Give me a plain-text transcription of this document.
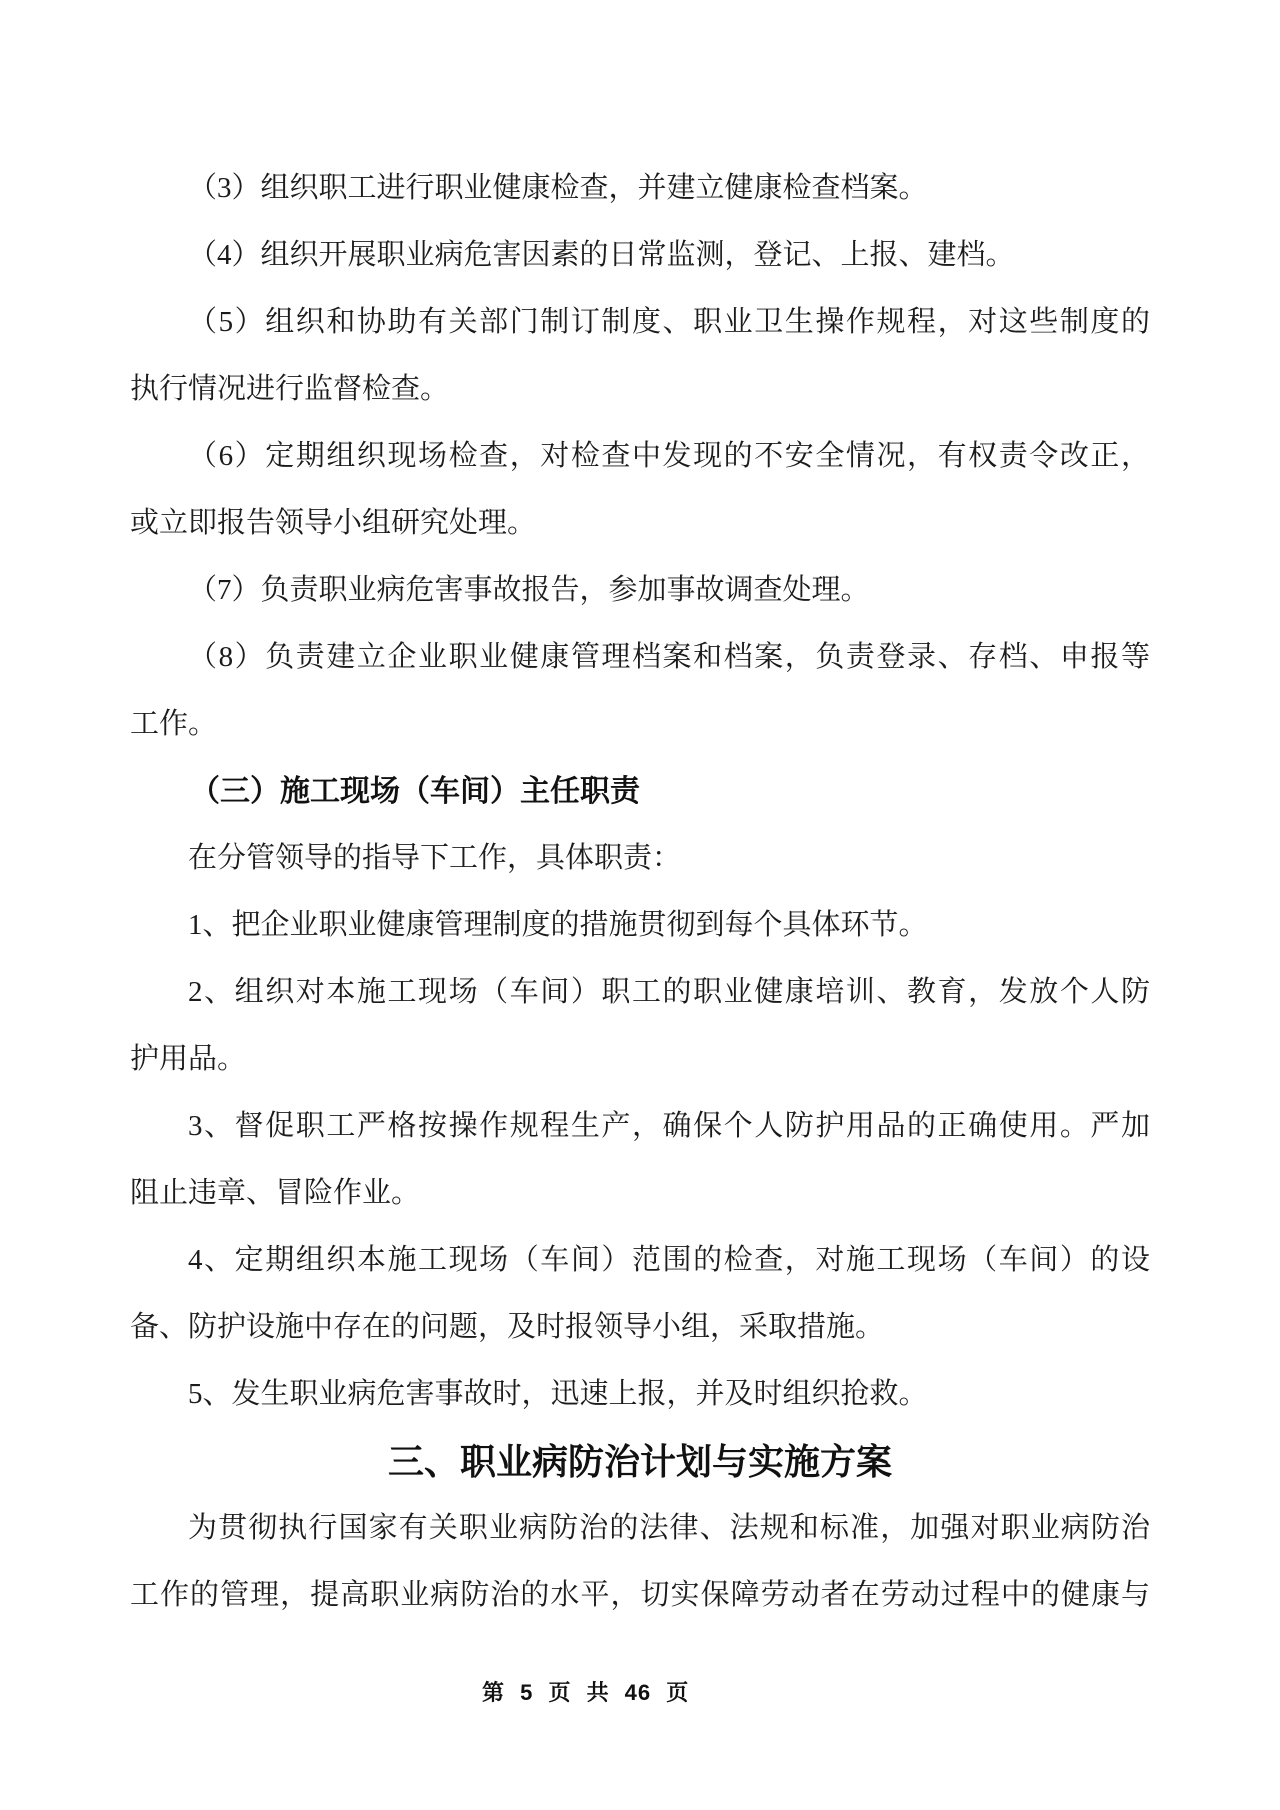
（3）组织职工进行职业健康检查，并建立健康检查档案。
（4）组织开展职业病危害因素的日常监测，登记、上报、建档。
（5）组织和协助有关部门制订制度、职业卫生操作规程，对这些制度的
执行情况进行监督检查。
（6）定期组织现场检查，对检查中发现的不安全情况，有权责令改正，
或立即报告领导小组研究处理。
（7）负责职业病危害事故报告，参加事故调查处理。
（8）负责建立企业职业健康管理档案和档案，负责登录、存档、申报等
工作。
（三）施工现场（车间）主任职责
在分管领导的指导下工作，具体职责：
1、把企业职业健康管理制度的措施贯彻到每个具体环节。
2、组织对本施工现场（车间）职工的职业健康培训、教育，发放个人防
护用品。
3、督促职工严格按操作规程生产，确保个人防护用品的正确使用。严加
阻止违章、冒险作业。
4、定期组织本施工现场（车间）范围的检查，对施工现场（车间）的设
备、防护设施中存在的问题，及时报领导小组，采取措施。
5、发生职业病危害事故时，迅速上报，并及时组织抢救。
三、职业病防治计划与实施方案
为贯彻执行国家有关职业病防治的法律、法规和标准，加强对职业病防治
工作的管理，提高职业病防治的水平，切实保障劳动者在劳动过程中的健康与
第 5 页 共 46 页
